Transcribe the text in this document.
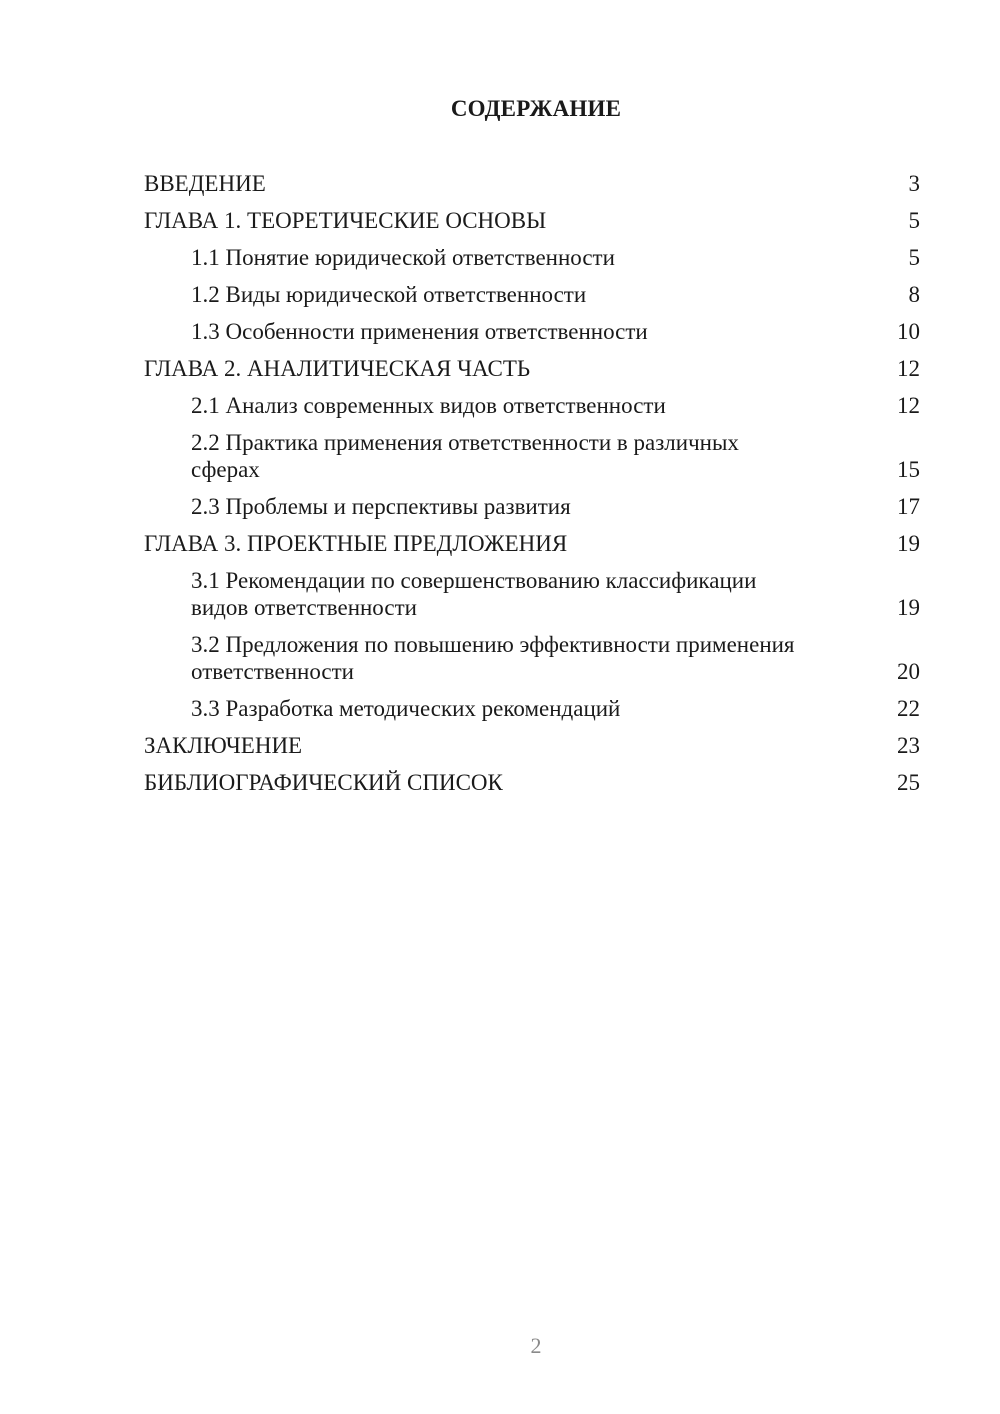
СОДЕРЖАНИЕ
ВВЕДЕНИЕ	3
ГЛАВА 1. ТЕОРЕТИЧЕСКИЕ ОСНОВЫ	5
1.1 Понятие юридической ответственности	5
1.2 Виды юридической ответственности	8
1.3 Особенности применения ответственности	10
ГЛАВА 2. АНАЛИТИЧЕСКАЯ ЧАСТЬ	12
2.1 Анализ современных видов ответственности	12
2.2 Практика применения ответственности в различных сферах	15
2.3 Проблемы и перспективы развития	17
ГЛАВА 3. ПРОЕКТНЫЕ ПРЕДЛОЖЕНИЯ	19
3.1 Рекомендации по совершенствованию классификации видов ответственности	19
3.2 Предложения по повышению эффективности применения ответственности	20
3.3 Разработка методических рекомендаций	22
ЗАКЛЮЧЕНИЕ	23
БИБЛИОГРАФИЧЕСКИЙ СПИСОК	25
2
